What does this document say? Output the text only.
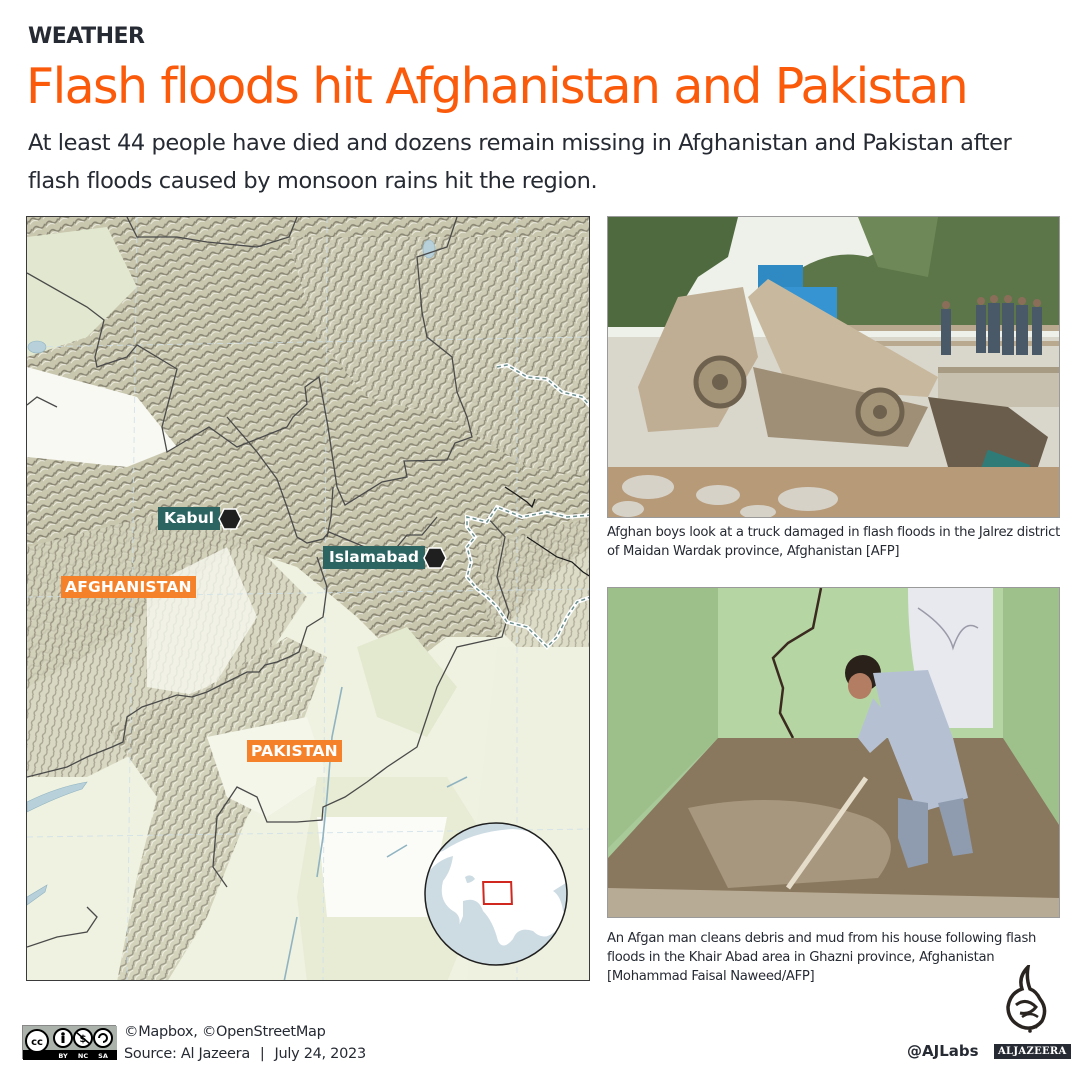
WEATHER
Flash floods hit Afghanistan and Pakistan

At least 44 people have died and dozens remain missing in Afghanistan and Pakistan after flash floods caused by monsoon rains hit the region.

Kabul
Islamabad
AFGHANISTAN
PAKISTAN

Afghan boys look at a truck damaged in flash floods in the Jalrez district of Maidan Wardak province, Afghanistan [AFP]

An Afgan man cleans debris and mud from his house following flash floods in the Khair Abad area in Ghazni province, Afghanistan [Mohammad Faisal Naweed/AFP]

cc	$
BY NC SA
©Mapbox, ©OpenStreetMap
Source: Al Jazeera | July 24, 2023	@AJLabs	ALJAZEERA
